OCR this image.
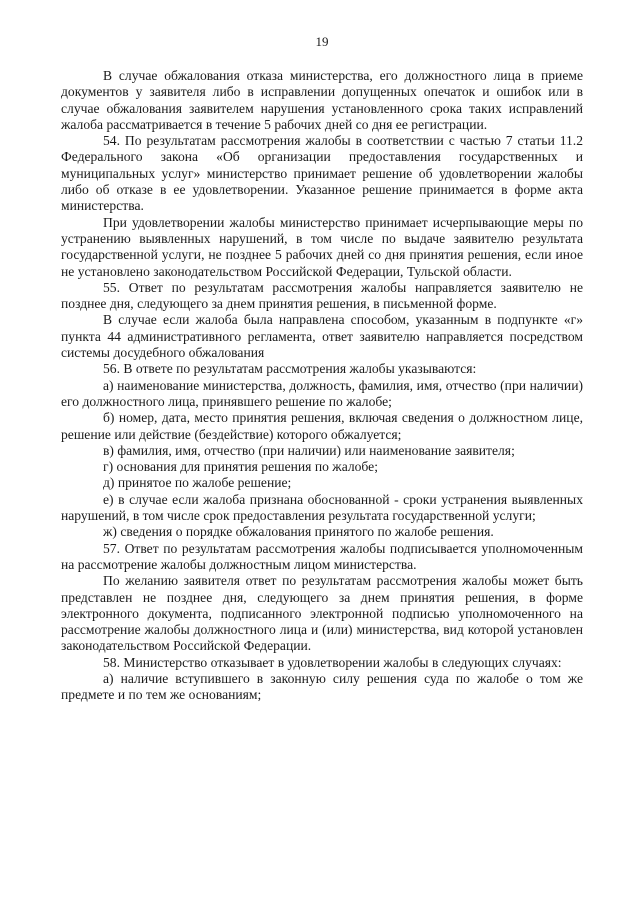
19

В случае обжалования отказа министерства, его должностного лица в приеме документов у заявителя либо в исправлении допущенных опечаток и ошибок или в случае обжалования заявителем нарушения установленного срока таких исправлений жалоба рассматривается в течение 5 рабочих дней со дня ее регистрации.

54. По результатам рассмотрения жалобы в соответствии с частью 7 статьи 11.2 Федерального закона «Об организации предоставления государственных и муниципальных услуг» министерство принимает решение об удовлетворении жалобы либо об отказе в ее удовлетворении. Указанное решение принимается в форме акта министерства.

При удовлетворении жалобы министерство принимает исчерпывающие меры по устранению выявленных нарушений, в том числе по выдаче заявителю результата государственной услуги, не позднее 5 рабочих дней со дня принятия решения, если иное не установлено законодательством Российской Федерации, Тульской области.

55. Ответ по результатам рассмотрения жалобы направляется заявителю не позднее дня, следующего за днем принятия решения, в письменной форме.

В случае если жалоба была направлена способом, указанным в подпункте «г» пункта 44 административного регламента, ответ заявителю направляется посредством системы досудебного обжалования

56. В ответе по результатам рассмотрения жалобы указываются:

а) наименование министерства, должность, фамилия, имя, отчество (при наличии) его должностного лица, принявшего решение по жалобе;

б) номер, дата, место принятия решения, включая сведения о должностном лице, решение или действие (бездействие) которого обжалуется;

в) фамилия, имя, отчество (при наличии) или наименование заявителя;

г) основания для принятия решения по жалобе;

д) принятое по жалобе решение;

е) в случае если жалоба признана обоснованной - сроки устранения выявленных нарушений, в том числе срок предоставления результата государственной услуги;

ж) сведения о порядке обжалования принятого по жалобе решения.

57. Ответ по результатам рассмотрения жалобы подписывается уполномоченным на рассмотрение жалобы должностным лицом министерства.

По желанию заявителя ответ по результатам рассмотрения жалобы может быть представлен не позднее дня, следующего за днем принятия решения, в форме электронного документа, подписанного электронной подписью уполномоченного на рассмотрение жалобы должностного лица и (или) министерства, вид которой установлен законодательством Российской Федерации.

58. Министерство отказывает в удовлетворении жалобы в следующих случаях:

а) наличие вступившего в законную силу решения суда по жалобе о том же предмете и по тем же основаниям;
